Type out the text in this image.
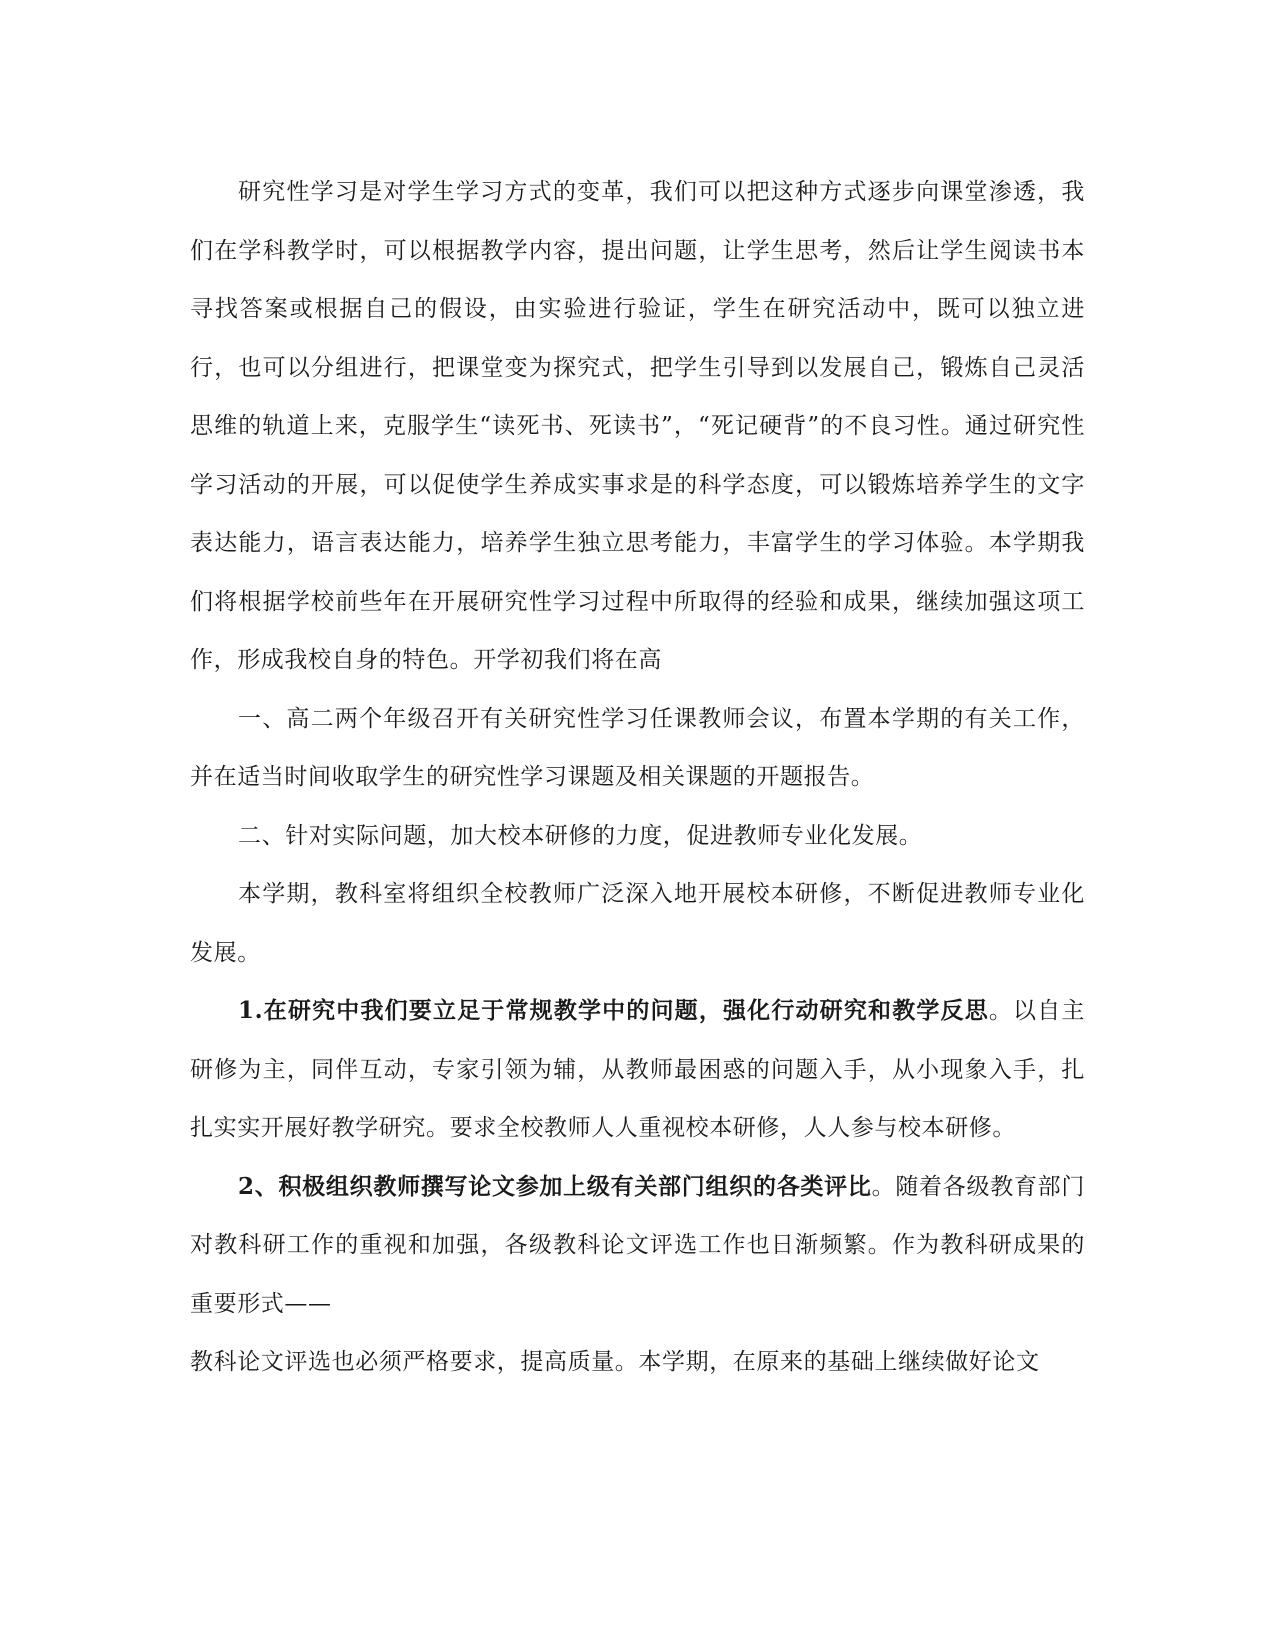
研究性学习是对学生学习方式的变革，我们可以把这种方式逐步向课堂渗透，我们在学科教学时，可以根据教学内容，提出问题，让学生思考，然后让学生阅读书本寻找答案或根据自己的假设，由实验进行验证，学生在研究活动中，既可以独立进行，也可以分组进行，把课堂变为探究式，把学生引导到以发展自己，锻炼自己灵活思维的轨道上来，克服学生“读死书、死读书”，“死记硬背”的不良习性。通过研究性学习活动的开展，可以促使学生养成实事求是的科学态度，可以锻炼培养学生的文字表达能力，语言表达能力，培养学生独立思考能力，丰富学生的学习体验。本学期我们将根据学校前些年在开展研究性学习过程中所取得的经验和成果，继续加强这项工作，形成我校自身的特色。开学初我们将在高

一、高二两个年级召开有关研究性学习任课教师会议，布置本学期的有关工作，并在适当时间收取学生的研究性学习课题及相关课题的开题报告。

二、针对实际问题，加大校本研修的力度，促进教师专业化发展。

本学期，教科室将组织全校教师广泛深入地开展校本研修，不断促进教师专业化发展。

1.在研究中我们要立足于常规教学中的问题，强化行动研究和教学反思。以自主研修为主，同伴互动，专家引领为辅，从教师最困惑的问题入手，从小现象入手，扎扎实实开展好教学研究。要求全校教师人人重视校本研修，人人参与校本研修。

2、积极组织教师撰写论文参加上级有关部门组织的各类评比。随着各级教育部门对教科研工作的重视和加强，各级教科论文评选工作也日渐频繁。作为教科研成果的重要形式——

教科论文评选也必须严格要求，提高质量。本学期，在原来的基础上继续做好论文
